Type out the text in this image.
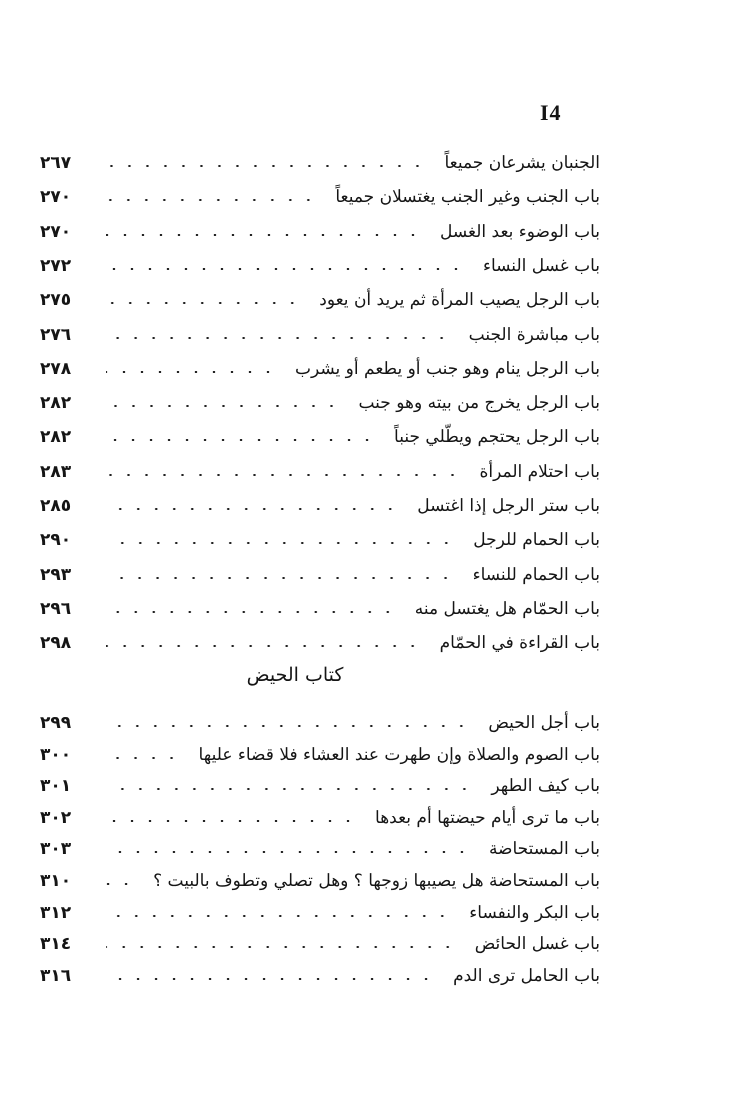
I4
الجنبان يشرعان جميعاً
٢٦٧
باب الجنب وغير الجنب يغتسلان جميعاً
٢٧٠
باب الوضوء بعد الغسل
٢٧٠
باب غسل النساء
٢٧٢
باب الرجل يصيب المرأة ثم يريد أن يعود
٢٧٥
باب مباشرة الجنب
٢٧٦
باب الرجل ينام وهو جنب أو يطعم أو يشرب
٢٧٨
باب الرجل يخرج من بيته وهو جنب
٢٨٢
باب الرجل يحتجم ويطّلي جنباً
٢٨٢
باب احتلام المرأة
٢٨٣
باب ستر الرجل إذا اغتسل
٢٨٥
باب الحمام للرجل
٢٩٠
باب الحمام للنساء
٢٩٣
باب الحمّام هل يغتسل منه
٢٩٦
باب القراءة في الحمّام
٢٩٨
كتاب الحيض
باب أجل الحيض
٢٩٩
باب الصوم والصلاة وإن طهرت عند العشاء فلا قضاء عليها
٣٠٠
باب كيف الطهر
٣٠١
باب ما ترى أيام حيضتها أم بعدها
٣٠٢
باب المستحاضة
٣٠٣
باب المستحاضة هل يصيبها زوجها ؟ وهل تصلي وتطوف بالبيت ؟
٣١٠
باب البكر والنفساء
٣١٢
باب غسل الحائض
٣١٤
باب الحامل ترى الدم
٣١٦
